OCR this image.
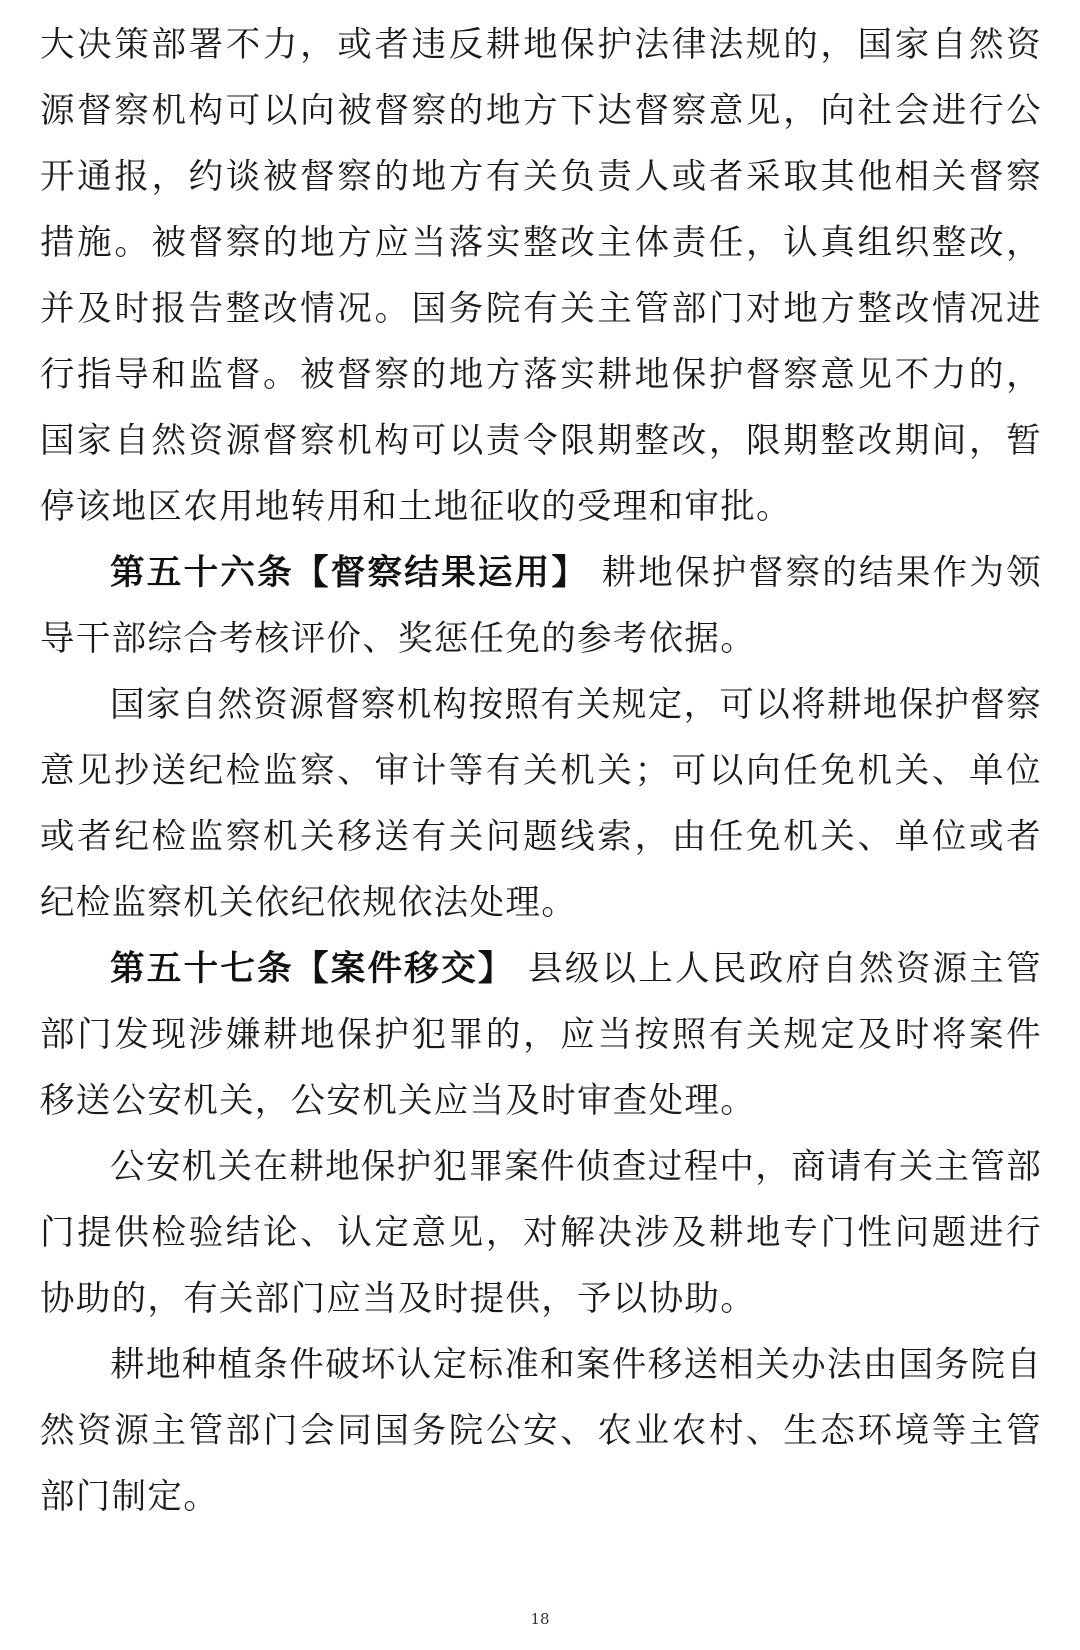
大决策部署不力，或者违反耕地保护法律法规的，国家自然资源督察机构可以向被督察的地方下达督察意见，向社会进行公开通报，约谈被督察的地方有关负责人或者采取其他相关督察措施。被督察的地方应当落实整改主体责任，认真组织整改，并及时报告整改情况。国务院有关主管部门对地方整改情况进行指导和监督。被督察的地方落实耕地保护督察意见不力的，国家自然资源督察机构可以责令限期整改，限期整改期间，暂停该地区农用地转用和土地征收的受理和审批。

第五十六条【督察结果运用】 耕地保护督察的结果作为领导干部综合考核评价、奖惩任免的参考依据。

国家自然资源督察机构按照有关规定，可以将耕地保护督察意见抄送纪检监察、审计等有关机关；可以向任免机关、单位或者纪检监察机关移送有关问题线索，由任免机关、单位或者纪检监察机关依纪依规依法处理。

第五十七条【案件移交】 县级以上人民政府自然资源主管部门发现涉嫌耕地保护犯罪的，应当按照有关规定及时将案件移送公安机关，公安机关应当及时审查处理。

公安机关在耕地保护犯罪案件侦查过程中，商请有关主管部门提供检验结论、认定意见，对解决涉及耕地专门性问题进行协助的，有关部门应当及时提供，予以协助。

耕地种植条件破坏认定标准和案件移送相关办法由国务院自然资源主管部门会同国务院公安、农业农村、生态环境等主管部门制定。

18
